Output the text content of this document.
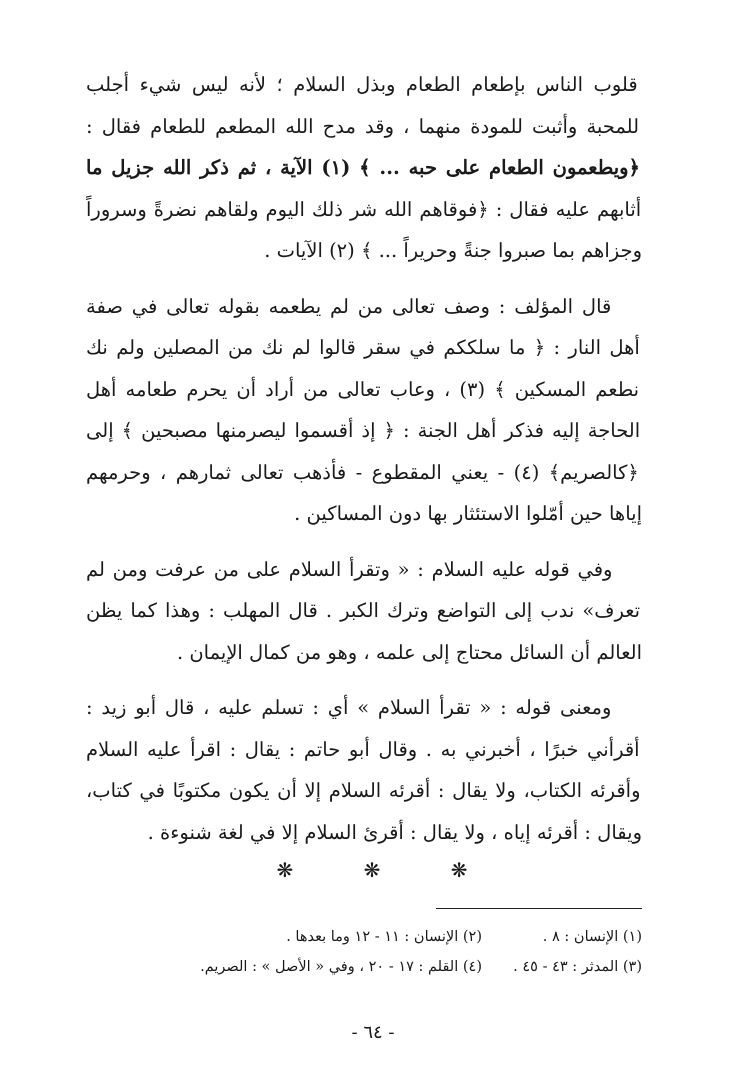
قلوب الناس بإطعام الطعام وبذل السلام ؛ لأنه ليس شيء أجلب للمحبة وأثبت للمودة منهما ، وقد مدح الله المطعم للطعام فقال : ﴿ويطعمون الطعام على حبه ... ﴾ (١) الآية ، ثم ذكر الله جزيل ما أثابهم عليه فقال : ﴿فوقاهم الله شر ذلك اليوم ولقاهم نضرةً وسروراً وجزاهم بما صبروا جنةً وحريراً ... ﴾ (٢) الآيات .

قال المؤلف : وصف تعالى من لم يطعمه بقوله تعالى في صفة أهل النار : ﴿ ما سلككم في سقر قالوا لم نك من المصلين ولم نك نطعم المسكين ﴾ (٣) ، وعاب تعالى من أراد أن يحرم طعامه أهل الحاجة إليه فذكر أهل الجنة : ﴿ إذ أقسموا ليصرمنها مصبحين ﴾ إلى ﴿كالصريم﴾ (٤) - يعني المقطوع - فأذهب تعالى ثمارهم ، وحرمهم إياها حين أمّلوا الاستئثار بها دون المساكين .

وفي قوله عليه السلام : « وتقرأ السلام على من عرفت ومن لم تعرف» ندب إلى التواضع وترك الكبر . قال المهلب : وهذا كما يظن العالم أن السائل محتاج إلى علمه ، وهو من كمال الإيمان .

ومعنى قوله : « تقرأ السلام » أي : تسلم عليه ، قال أبو زيد : أقرأني خبرًا ، أخبرني به . وقال أبو حاتم : يقال : اقرأ عليه السلام وأقرئه الكتاب، ولا يقال : أقرئه السلام إلا أن يكون مكتوبًا في كتاب، ويقال : أقرئه إياه ، ولا يقال : أقرئ السلام إلا في لغة شنوءة .

❋ ❋ ❋
(١) الإنسان : ٨ .
(٢) الإنسان : ١١ - ١٢ وما بعدها .
(٣) المدثر : ٤٣ - ٤٥ .
(٤) القلم : ١٧ - ٢٠ ، وفي « الأصل » : الصريم.
- ٦٤ -
